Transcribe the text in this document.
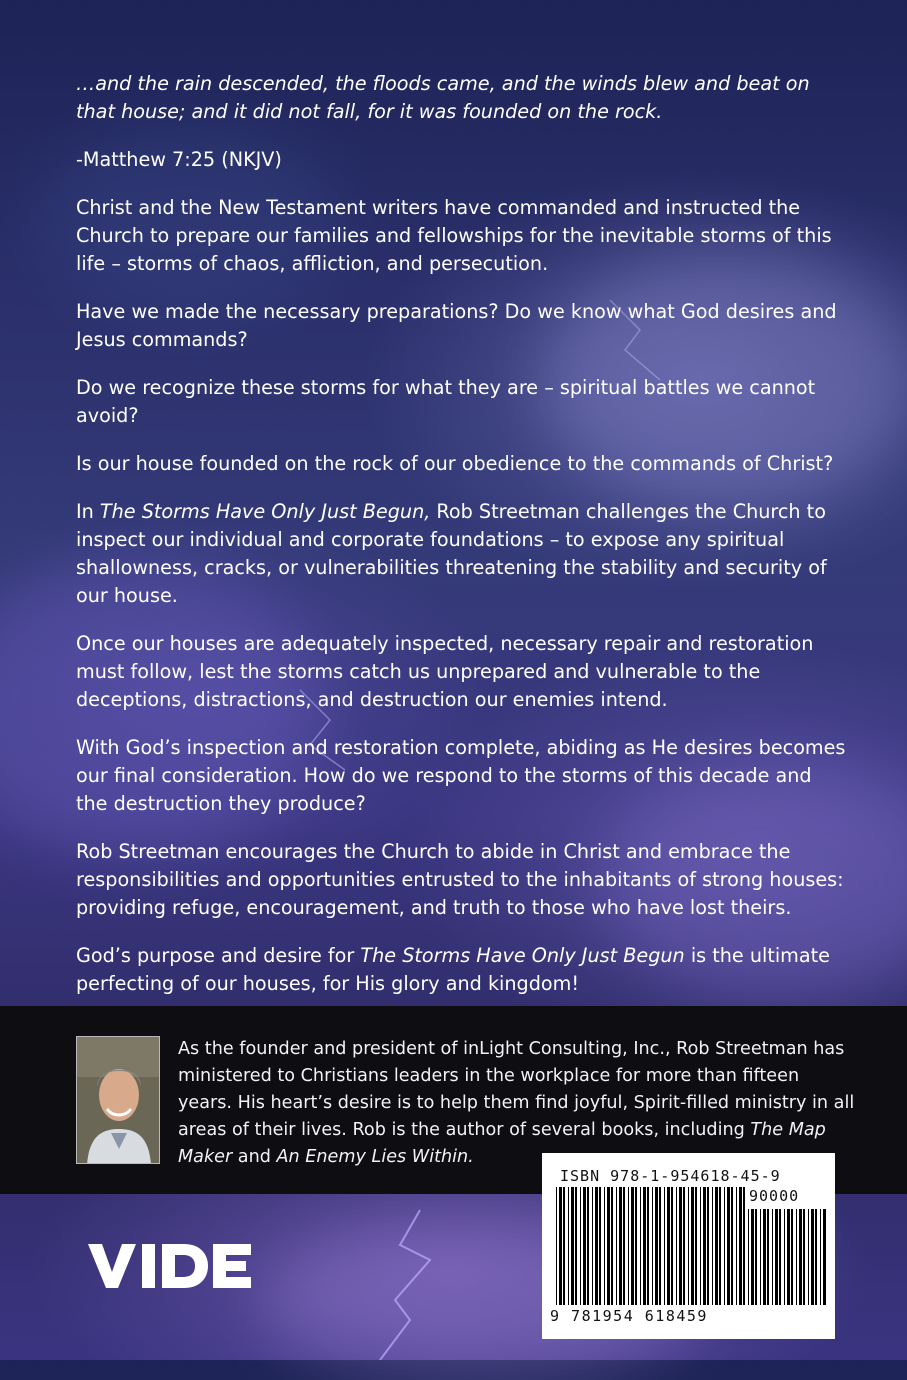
…and the rain descended, the floods came, and the winds blew and beat on that house; and it did not fall, for it was founded on the rock.

-Matthew 7:25 (NKJV)

Christ and the New Testament writers have commanded and instructed the Church to prepare our families and fellowships for the inevitable storms of this life – storms of chaos, affliction, and persecution.

Have we made the necessary preparations? Do we know what God desires and Jesus commands?

Do we recognize these storms for what they are – spiritual battles we cannot avoid?

Is our house founded on the rock of our obedience to the commands of Christ?

In The Storms Have Only Just Begun, Rob Streetman challenges the Church to inspect our individual and corporate foundations – to expose any spiritual shallowness, cracks, or vulnerabilities threatening the stability and security of our house.

Once our houses are adequately inspected, necessary repair and restoration must follow, lest the storms catch us unprepared and vulnerable to the deceptions, distractions, and destruction our enemies intend.

With God’s inspection and restoration complete, abiding as He desires becomes our final consideration. How do we respond to the storms of this decade and the destruction they produce?

Rob Streetman encourages the Church to abide in Christ and embrace the responsibilities and opportunities entrusted to the inhabitants of strong houses: providing refuge, encouragement, and truth to those who have lost theirs.

God’s purpose and desire for The Storms Have Only Just Begun is the ultimate perfecting of our houses, for His glory and kingdom!

As the founder and president of inLight Consulting, Inc., Rob Streetman has ministered to Christians leaders in the workplace for more than fifteen years. His heart’s desire is to help them find joyful, Spirit-filled ministry in all areas of their lives. Rob is the author of several books, including The Map Maker and An Enemy Lies Within.
ISBN 978-1-954618-45-9
90000
9 781954 618459
